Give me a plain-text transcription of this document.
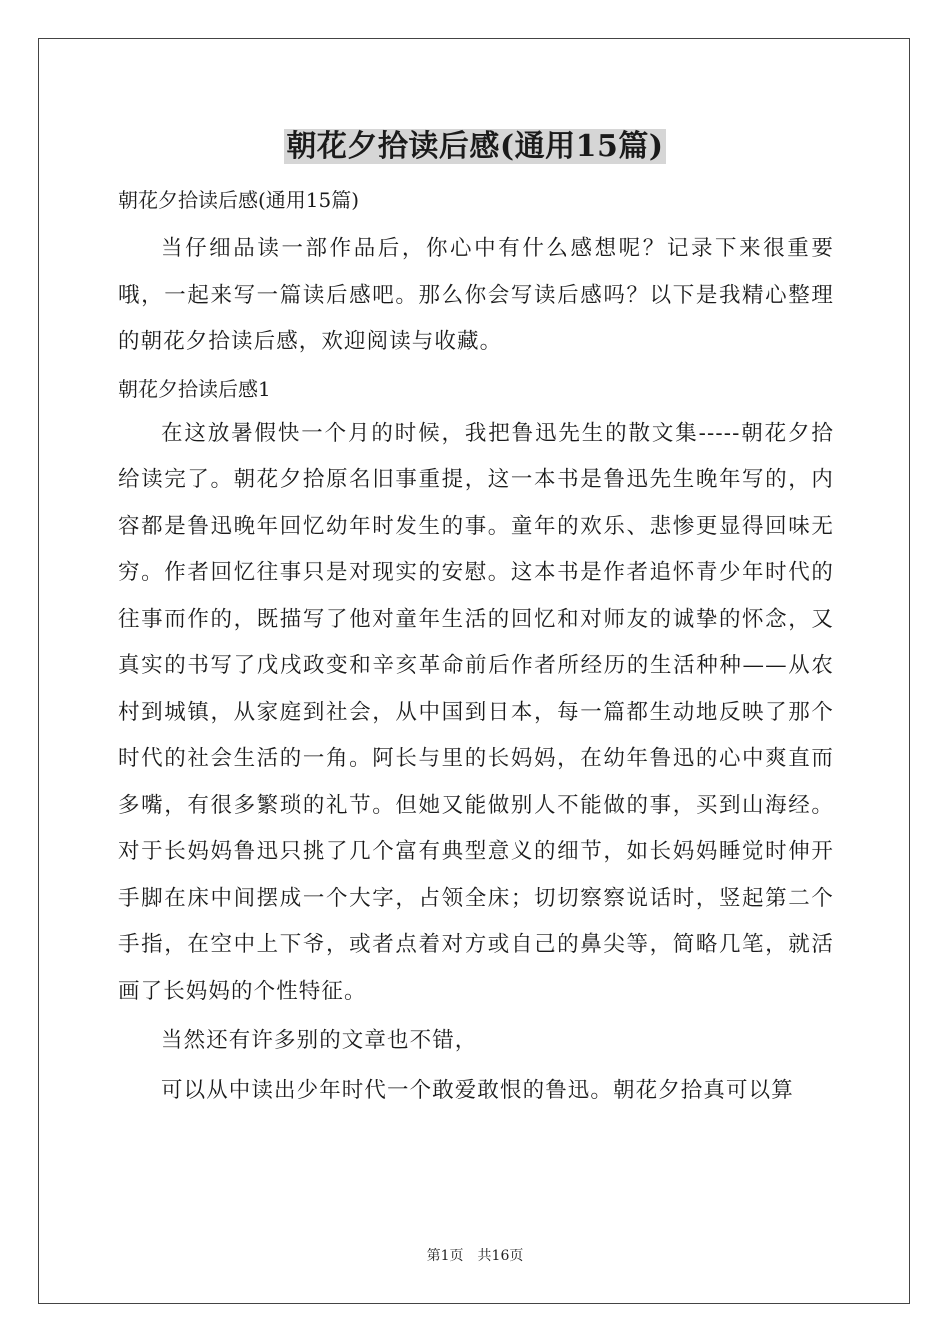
朝花夕拾读后感(通用15篇)

朝花夕拾读后感(通用15篇)

当仔细品读一部作品后，你心中有什么感想呢？记录下来很重要哦，一起来写一篇读后感吧。那么你会写读后感吗？以下是我精心整理的朝花夕拾读后感，欢迎阅读与收藏。

朝花夕拾读后感1

在这放暑假快一个月的时候，我把鲁迅先生的散文集-----朝花夕拾给读完了。朝花夕拾原名旧事重提，这一本书是鲁迅先生晚年写的，内容都是鲁迅晚年回忆幼年时发生的事。童年的欢乐、悲惨更显得回味无穷。作者回忆往事只是对现实的安慰。这本书是作者追怀青少年时代的往事而作的，既描写了他对童年生活的回忆和对师友的诚挚的怀念，又真实的书写了戊戌政变和辛亥革命前后作者所经历的生活种种——从农村到城镇，从家庭到社会，从中国到日本，每一篇都生动地反映了那个时代的社会生活的一角。阿长与里的长妈妈，在幼年鲁迅的心中爽直而多嘴，有很多繁琐的礼节。但她又能做别人不能做的事，买到山海经。对于长妈妈鲁迅只挑了几个富有典型意义的细节，如长妈妈睡觉时伸开手脚在床中间摆成一个大字，占领全床；切切察察说话时，竖起第二个手指，在空中上下爷，或者点着对方或自己的鼻尖等，简略几笔，就活画了长妈妈的个性特征。

当然还有许多别的文章也不错，

可以从中读出少年时代一个敢爱敢恨的鲁迅。朝花夕拾真可以算

第1页 共16页
